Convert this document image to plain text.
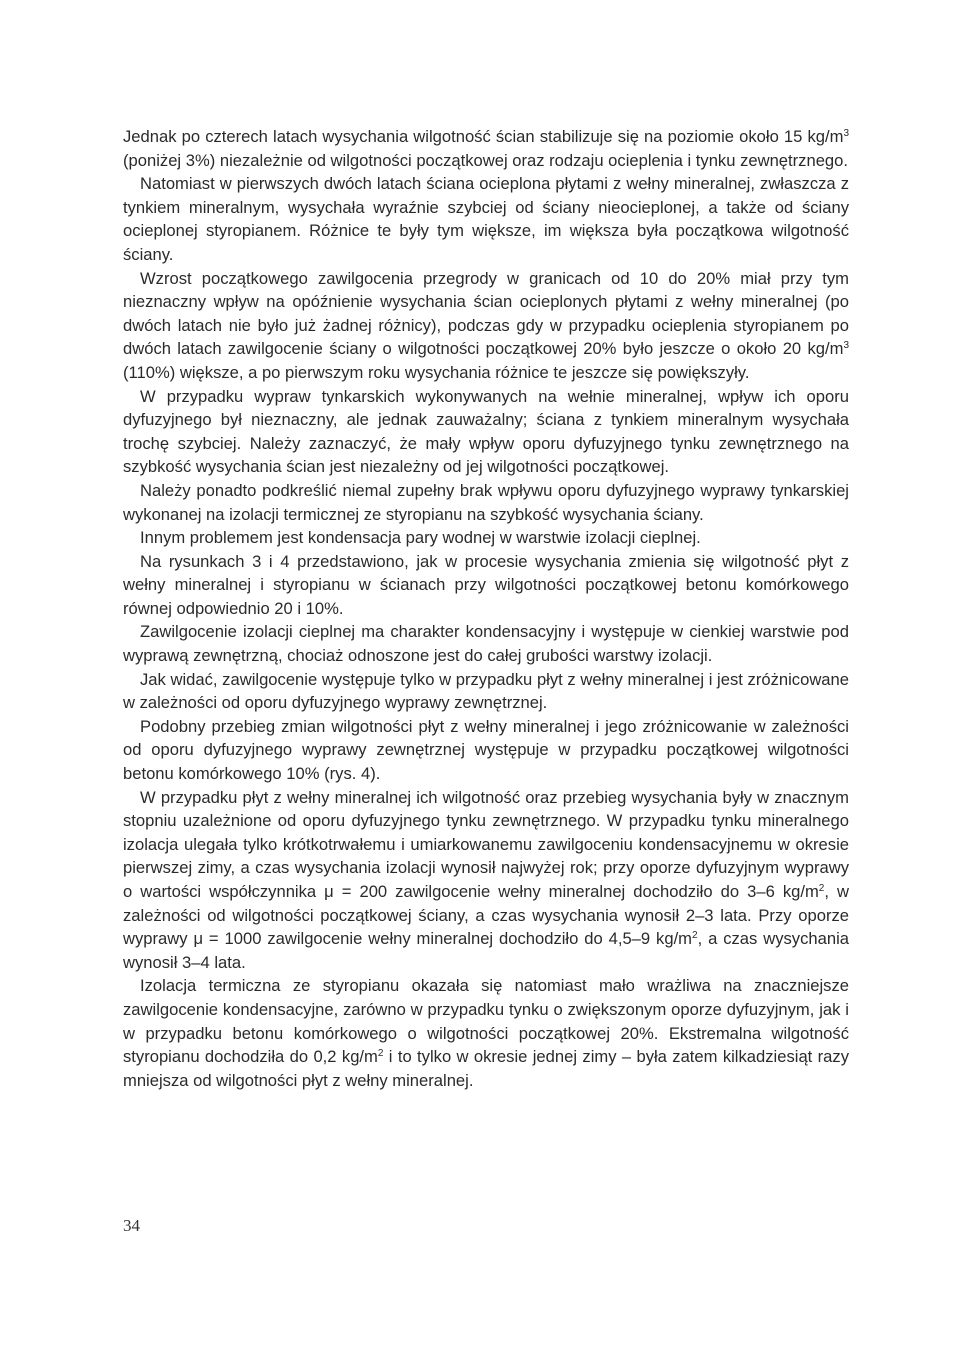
Jednak po czterech latach wysychania wilgotność ścian stabilizuje się na poziomie około 15 $kg/m^3$ (poniżej 3%) niezależnie od wilgotności początkowej oraz rodzaju ocieplenia i tynku zewnętrznego.

Natomiast w pierwszych dwóch latach ściana ocieplona płytami z wełny mineralnej, zwłaszcza z tynkiem mineralnym, wysychała wyraźnie szybciej od ściany nieocieplonej, a także od ściany ocieplonej styropianem. Różnice te były tym większe, im większa była początkowa wilgotność ściany.

Wzrost początkowego zawilgocenia przegrody w granicach od 10 do 20% miał przy tym nieznaczny wpływ na opóźnienie wysychania ścian ocieplonych płytami z wełny mineralnej (po dwóch latach nie było już żadnej różnicy), podczas gdy w przypadku ocieplenia styropianem po dwóch latach zawilgocenie ściany o wilgotności początkowej 20% było jeszcze o około 20 $kg/m^3$ (110%) większe, a po pierwszym roku wysychania różnice te jeszcze się powiększyły.

W przypadku wypraw tynkarskich wykonywanych na wełnie mineralnej, wpływ ich oporu dyfuzyjnego był nieznaczny, ale jednak zauważalny; ściana z tynkiem mineralnym wysychała trochę szybciej. Należy zaznaczyć, że mały wpływ oporu dyfuzyjnego tynku zewnętrznego na szybkość wysychania ścian jest niezależny od jej wilgotności początkowej.

Należy ponadto podkreślić niemal zupełny brak wpływu oporu dyfuzyjnego wyprawy tynkarskiej wykonanej na izolacji termicznej ze styropianu na szybkość wysychania ściany.

Innym problemem jest kondensacja pary wodnej w warstwie izolacji cieplnej.

Na rysunkach 3 i 4 przedstawiono, jak w procesie wysychania zmienia się wilgotność płyt z wełny mineralnej i styropianu w ścianach przy wilgotności początkowej betonu komórkowego równej odpowiednio 20 i 10%.

Zawilgocenie izolacji cieplnej ma charakter kondensacyjny i występuje w cienkiej warstwie pod wyprawą zewnętrzną, chociaż odnoszone jest do całej grubości warstwy izolacji.

Jak widać, zawilgocenie występuje tylko w przypadku płyt z wełny mineralnej i jest zróżnicowane w zależności od oporu dyfuzyjnego wyprawy zewnętrznej.

Podobny przebieg zmian wilgotności płyt z wełny mineralnej i jego zróżnicowanie w zależności od oporu dyfuzyjnego wyprawy zewnętrznej występuje w przypadku początkowej wilgotności betonu komórkowego 10% (rys. 4).

W przypadku płyt z wełny mineralnej ich wilgotność oraz przebieg wysychania były w znacznym stopniu uzależnione od oporu dyfuzyjnego tynku zewnętrznego. W przypadku tynku mineralnego izolacja ulegała tylko krótkotrwałemu i umiarkowanemu zawilgoceniu kondensacyjnemu w okresie pierwszej zimy, a czas wysychania izolacji wynosił najwyżej rok; przy oporze dyfuzyjnym wyprawy o wartości współczynnika μ = 200 zawilgocenie wełny mineralnej dochodziło do 3–6 $kg/m^2$, w zależności od wilgotności początkowej ściany, a czas wysychania wynosił 2–3 lata. Przy oporze wyprawy μ = 1000 zawilgocenie wełny mineralnej dochodziło do 4,5–9 $kg/m^2$, a czas wysychania wynosił 3–4 lata.

Izolacja termiczna ze styropianu okazała się natomiast mało wrażliwa na znaczniejsze zawilgocenie kondensacyjne, zarówno w przypadku tynku o zwiększonym oporze dyfuzyjnym, jak i w przypadku betonu komórkowego o wilgotności początkowej 20%. Ekstremalna wilgotność styropianu dochodziła do 0,2 $kg/m^2$ i to tylko w okresie jednej zimy – była zatem kilkadziesiąt razy mniejsza od wilgotności płyt z wełny mineralnej.

34
